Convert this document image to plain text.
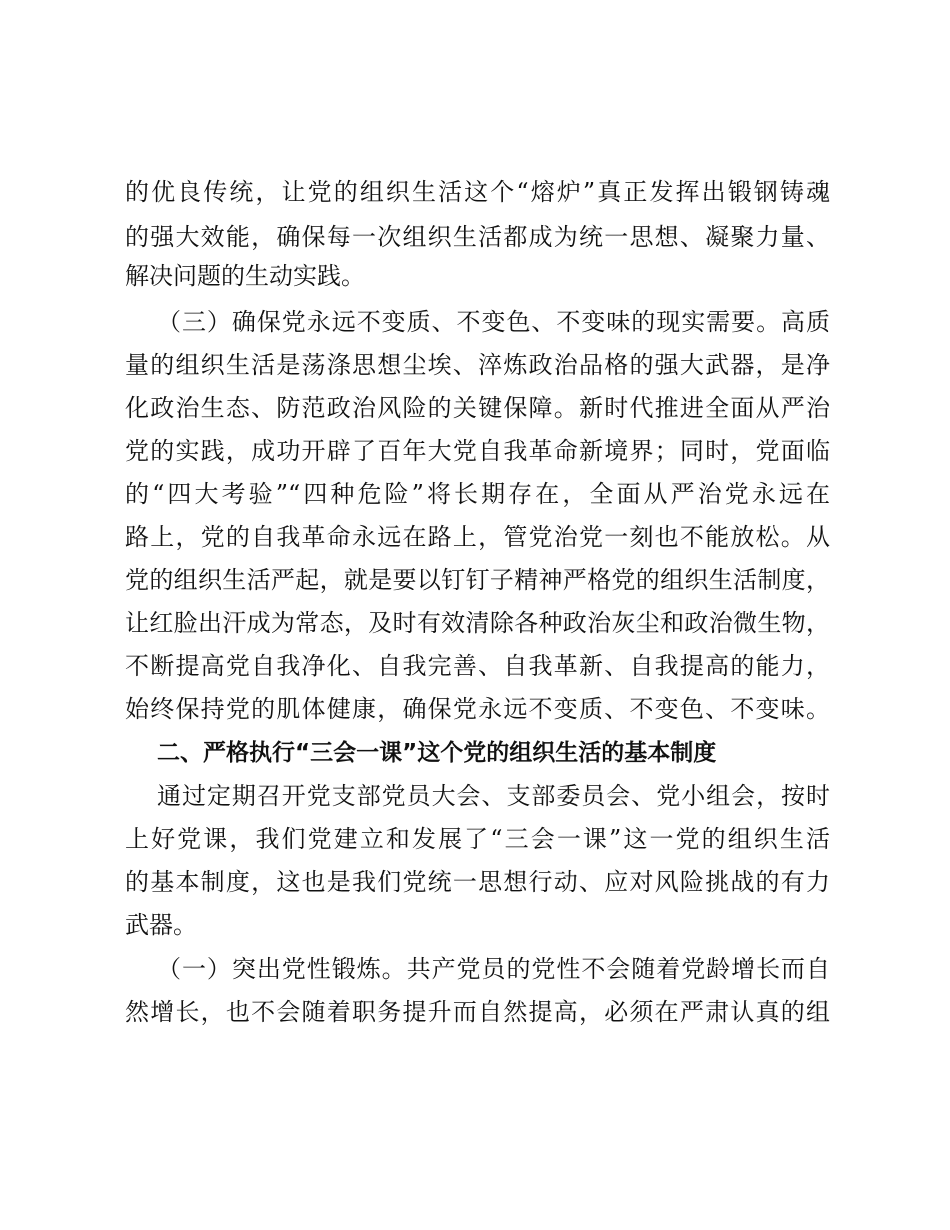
的优良传统，让党的组织生活这个“熔炉”真正发挥出锻钢铸魂
的强大效能，确保每一次组织生活都成为统一思想、凝聚力量、
解决问题的生动实践。
（三）确保党永远不变质、不变色、不变味的现实需要。高质
量的组织生活是荡涤思想尘埃、淬炼政治品格的强大武器，是净
化政治生态、防范政治风险的关键保障。新时代推进全面从严治
党的实践，成功开辟了百年大党自我革命新境界；同时，党面临
的“四大考验”“四种危险”将长期存在，全面从严治党永远在
路上，党的自我革命永远在路上，管党治党一刻也不能放松。从
党的组织生活严起，就是要以钉钉子精神严格党的组织生活制度，
让红脸出汗成为常态，及时有效清除各种政治灰尘和政治微生物，
不断提高党自我净化、自我完善、自我革新、自我提高的能力，
始终保持党的肌体健康，确保党永远不变质、不变色、不变味。
二、严格执行“三会一课”这个党的组织生活的基本制度
通过定期召开党支部党员大会、支部委员会、党小组会，按时
上好党课，我们党建立和发展了“三会一课”这一党的组织生活
的基本制度，这也是我们党统一思想行动、应对风险挑战的有力
武器。
（一）突出党性锻炼。共产党员的党性不会随着党龄增长而自
然增长，也不会随着职务提升而自然提高，必须在严肃认真的组
